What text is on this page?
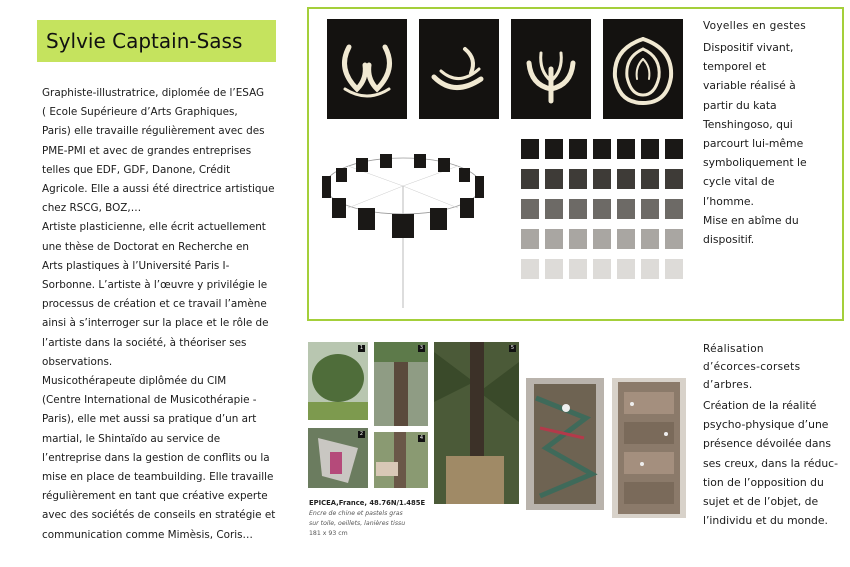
Sylvie Captain-Sass

Graphiste-illustratrice, diplomée de l’ESAG

( Ecole Supérieure d’Arts Graphiques,

Paris) elle travaille régulièrement avec des

PME-PMI et avec de grandes entreprises

telles que EDF, GDF, Danone, Crédit

Agricole. Elle a aussi été directrice artistique

chez RSCG, BOZ,…

Artiste plasticienne, elle écrit actuellement

une thèse de Doctorat en Recherche en

Arts plastiques à l’Université Paris I-

Sorbonne. L’artiste à l’œuvre y privilégie le

processus de création et ce travail l’amène

ainsi à s’interroger sur la place et le rôle de

l’artiste dans la société, à théoriser ses

observations.

Musicothérapeute diplômée du CIM

(Centre International de Musicothérapie -

Paris), elle met aussi sa pratique d’un art

martial, le Shintaïdo au service de

l’entreprise dans la gestion de conflits ou la

mise en place de teambuilding. Elle travaille

régulièrement en tant que créative experte

avec des sociétés de conseils en stratégie et

communication comme Mimèsis, Coris…

Voyelles en gestes
Dispositif vivant,
temporel et
variable réalisé à
partir du kata
Tenshingoso, qui
parcourt lui-même
symboliquement le
cycle vital de
l’homme.
Mise en abîme du
dispositif.
1	3
2
4
5
EPICEA,France, 48.76N/1.485E
Encre de chine et pastels gras
sur toile, oeillets, lanières tissu
181 x 93 cm
Réalisation
d’écorces-corsets
d’arbres.
Création de la réalité
psycho-physique d’une
présence dévoilée dans
ses creux, dans la réduc-
tion de l’opposition du
sujet et de l’objet, de
l’individu et du monde.
